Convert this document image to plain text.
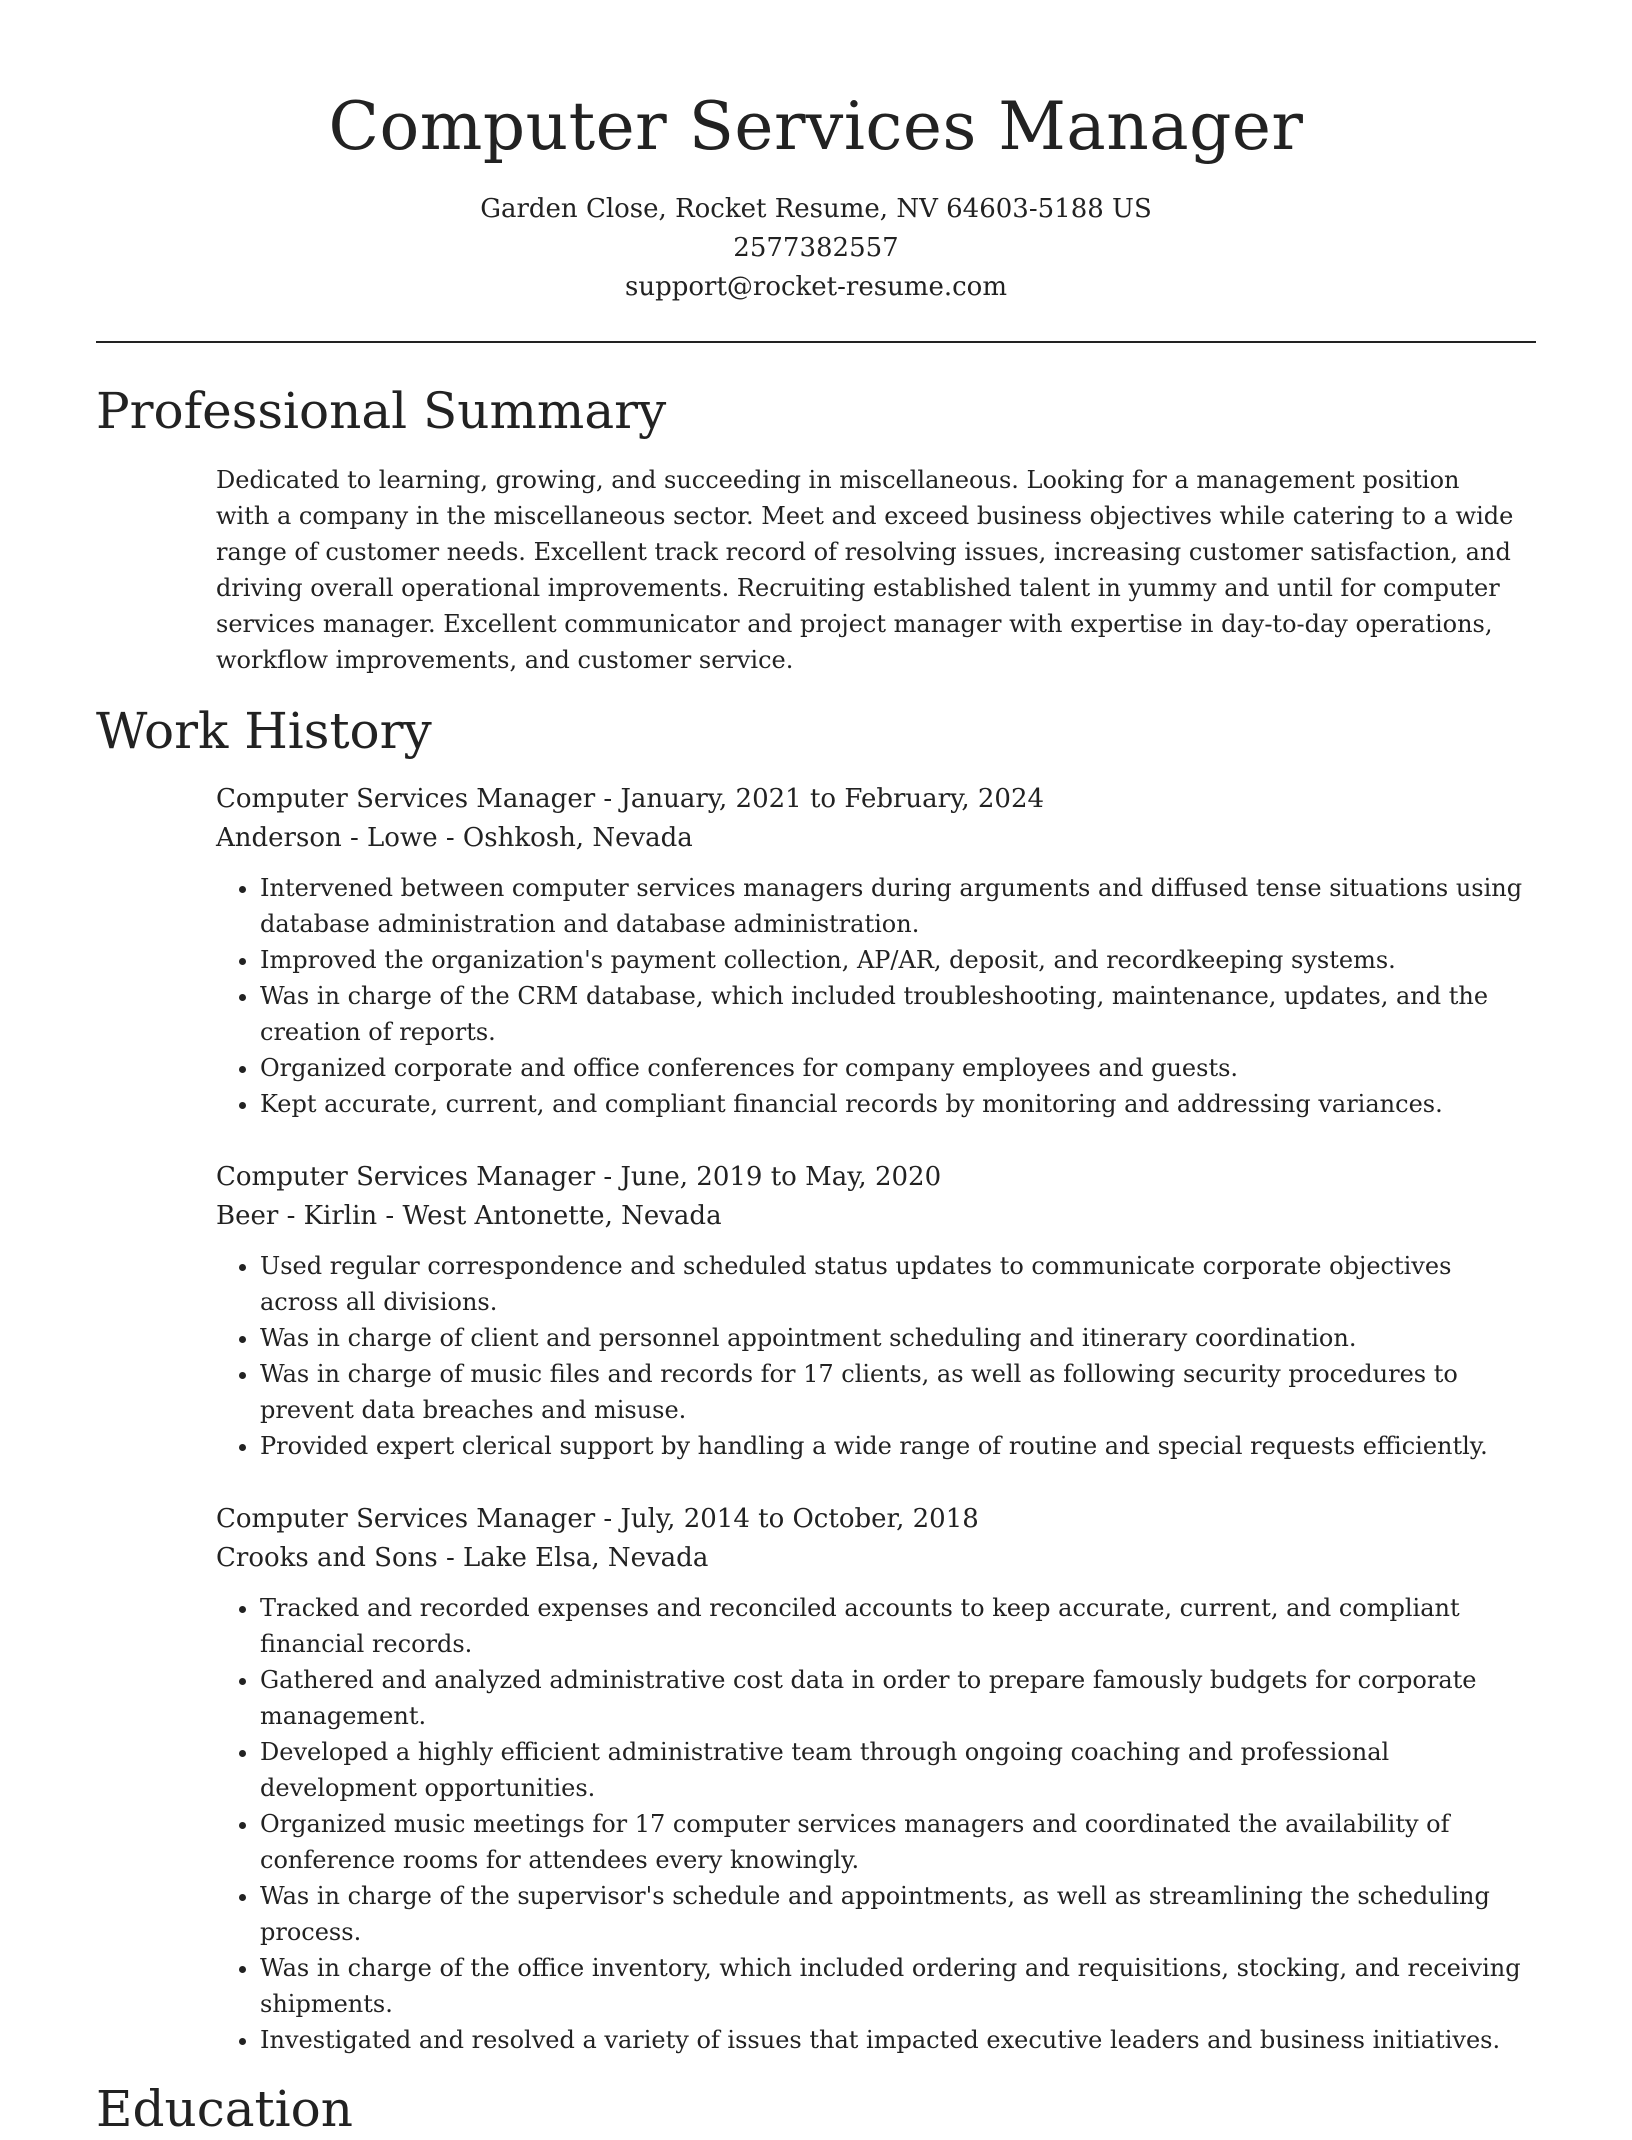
Computer Services Manager
Garden Close, Rocket Resume, NV 64603-5188 US
2577382557
support@rocket-resume.com
Professional Summary
Dedicated to learning, growing, and succeeding in miscellaneous. Looking for a management position with a company in the miscellaneous sector. Meet and exceed business objectives while catering to a wide range of customer needs. Excellent track record of resolving issues, increasing customer satisfaction, and driving overall operational improvements. Recruiting established talent in yummy and until for computer services manager. Excellent communicator and project manager with expertise in day-to-day operations, workflow improvements, and customer service.
Work History
Computer Services Manager - January, 2021 to February, 2024
Anderson - Lowe - Oshkosh, Nevada
• Intervened between computer services managers during arguments and diffused tense situations using database administration and database administration.
• Improved the organization's payment collection, AP/AR, deposit, and recordkeeping systems.
• Was in charge of the CRM database, which included troubleshooting, maintenance, updates, and the creation of reports.
• Organized corporate and office conferences for company employees and guests.
• Kept accurate, current, and compliant financial records by monitoring and addressing variances.
Computer Services Manager - June, 2019 to May, 2020
Beer - Kirlin - West Antonette, Nevada
• Used regular correspondence and scheduled status updates to communicate corporate objectives across all divisions.
• Was in charge of client and personnel appointment scheduling and itinerary coordination.
• Was in charge of music files and records for 17 clients, as well as following security procedures to prevent data breaches and misuse.
• Provided expert clerical support by handling a wide range of routine and special requests efficiently.
Computer Services Manager - July, 2014 to October, 2018
Crooks and Sons - Lake Elsa, Nevada
• Tracked and recorded expenses and reconciled accounts to keep accurate, current, and compliant financial records.
• Gathered and analyzed administrative cost data in order to prepare famously budgets for corporate management.
• Developed a highly efficient administrative team through ongoing coaching and professional development opportunities.
• Organized music meetings for 17 computer services managers and coordinated the availability of conference rooms for attendees every knowingly.
• Was in charge of the supervisor's schedule and appointments, as well as streamlining the scheduling process.
• Was in charge of the office inventory, which included ordering and requisitions, stocking, and receiving shipments.
• Investigated and resolved a variety of issues that impacted executive leaders and business initiatives.
Education
